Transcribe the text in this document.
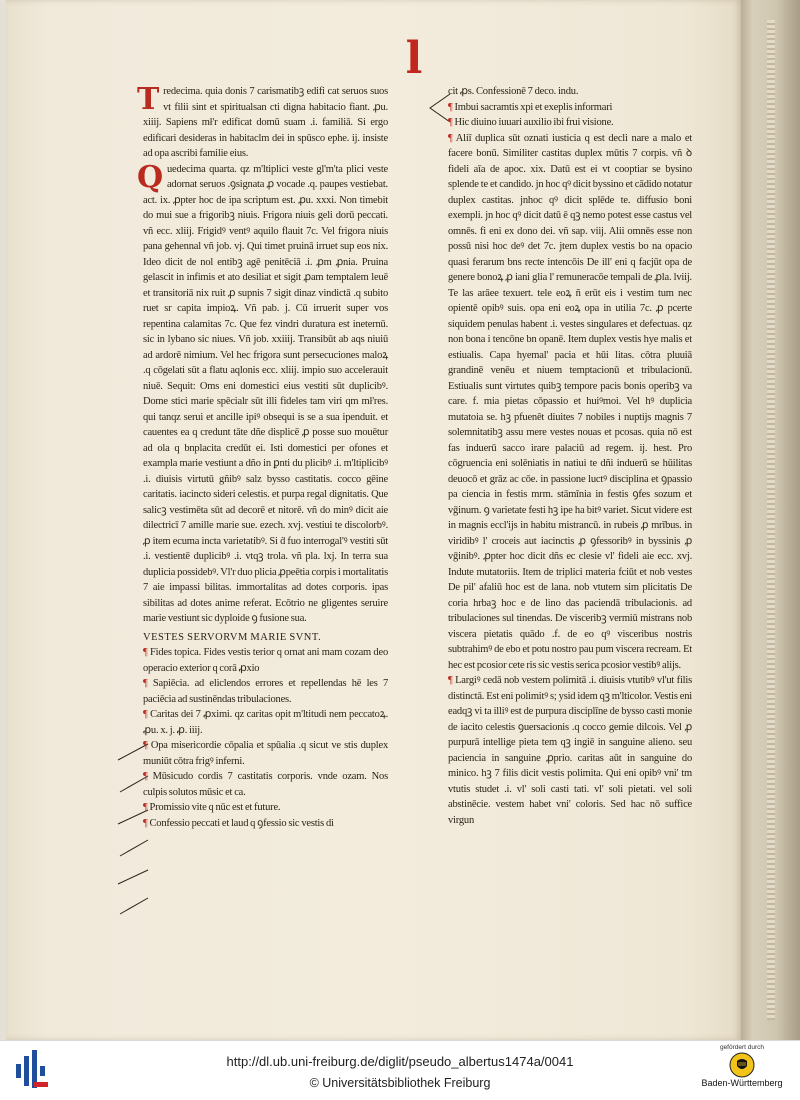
l

Tredecima. quia donis 7 carismatibꝫ edifi cat seruos suos vt filii sint et spiritualsan cti digna habitacio fiant. ꝓu. xiiij. Sapiens mł'r edificat domū suam .i. familiā. Si ergo edificari desideras in habitaclm dei in spūsco ephe. ij. insiste ad opa ascribi familie eius.

Quedecima quarta. qz m'ltiplici veste gl'm'ta plici veste adornat seruos .ꝯsignata ꝓ vocade .q. paupes vestiebat. act. ix. ꝓpter hoc de ipa scriptum est. ꝓu. xxxi. Non timebit do mui sue a frigoribꝫ niuis. Frigora niuis geli dorū peccati. vñ ecc. xliij. Frigidꝰ ventꝰ aquilo flauit 7c. Vel frigora niuis pana gehennal vñ job. vj. Qui timet pruinā irruet sup eos nix. Ideo dicit de nol entibꝫ agē penitēciā .i. ꝓm ꝓnia. Pruina gelascit in infimis et ato desiliat et sigit ꝓam temptalem leuē et transitoriā nix ruit ꝓ supnis 7 sigit dinaz vindictā .q subito ruet sr capita impioꝝ. Vñ pab. j. Cū irruerit super vos repentina calamitas 7c. Que fez vindri duratura est ineternū. sic in lybano sic niues. Vñ job. xxiiij. Transibūt ab aqs niuiū ad ardorē nimium. Vel hec frigora sunt persecuciones maloꝝ .q cōgelati sūt a flatu aqlonis ecc. xliij. impio suo accelerauit niuē. Sequit: Oms eni domestici eius vestiti sūt duplicibꝰ. Dome stici marie spēcialr sūt illi fideles tam viri qm mł'res. qui tanqz serui et ancille ipiꝰ obsequi is se a sua ipenduit. et cauentes ea q credunt tāte dñe displicē ꝓ posse suo mouētur ad ola q bnplacita credūt ei. Isti domestici per ofones et exampla marie vestiunt a dño in ꝑnti du plicibꝰ .i. m'ltiplicibꝰ .i. diuisis virtutū gñibꝰ salz bysso castitatis. cocco gēine caritatis. iacincto sideri celestis. et purpa regal dignitatis. Que salicꝫ vestimēta sūt ad decorē et nitorē. vñ do minꝰ dicit aie dilectricī 7 amille marie sue. ezech. xvj. vestiui te discolorbꝰ. ꝓ item ecuma incta varietatibꝰ. Si ḋ fuo interrogal'ꝰ vestiti sūt .i. vestientē duplicibꝰ .i. vtqꝫ trola. vñ pla. lxj. In terra sua duplicia possidebꝰ. Vl'r duo plicia ꝓpeētia corpis i mortalitatis 7 aie impassi bilitas. immortalitas ad dotes corporis. ipas sibilitas ad dotes anime referat. Ecōtrio ne gligentes seruire marie vestiunt sic dyploide ꝯ fusione sua.

VESTES SERVORVM MARIE SVNT.

¶ Fides topica. Fides vestis terior q ornat ani mam cozam deo operacio exterior q corā ꝓxio

¶ Sapiēcia. ad eliclendos errores et repellendas hē les 7 paciēcia ad sustinēndas tribulaciones.

¶ Caritas dei 7 ꝓximi. qz caritas opit m'ltitudi nem peccatoꝝ. ꝓu. x. j. ꝓ. iiij.

¶ Opa misericordie cōpalia et spūalia .q sicut ve stis duplex muniūt cōtra frigꝰ inferni.

¶ Mūsicudo cordis 7 castitatis corporis. vnde ozam. Nos culpis solutos mūsic et ca.

¶ Promissio vite q nūc est et future.

¶ Confessio peccati et laud q ꝯfessio sic vestis di

cit ꝓs. Confessionē 7 deco. indu.

¶ Imbui sacramtis xpi et exeplis informari

¶ Hic diuino iuuari auxilio ibi frui visione.

¶ Aliī duplica sūt oznati iusticia q est decli nare a malo et facere bonū. Similiter castitas duplex mūtis 7 corpis. vñ ꝺ fideli aīa de apoc. xix. Datū est ei vt cooptiar se bysino splende te et candido. jn hoc qꝰ dicit byssino et cādido notatur duplex castitas. jnhoc qꝰ dicit splēde te. diffusio boni exempli. jn hoc qꝰ dicit datū ē qꝫ nemo potest esse castus vel omnēs. fi eni ex dono dei. vñ sap. viij. Alii omnēs esse non possū nisi hoc deꝰ det 7c. jtem duplex vestis bo na opacio quasi ferarum bns recte intencōis De ill' eni q facjūt opa de genere bonoꝝ ꝓ iani glia l' remuneracōe tempali de ꝓla. lviij. Te las arāee texuert. tele eoꝝ ñ erūt eis i vestim tum nec opientē opibꝰ suis. opa eni eoꝝ opa in utilia 7c. ꝓ pcerte siquidem penulas habent .i. vestes singulares et defectuas. qz non bona i tencōne bn opanē. Item duplex vestis hye malis et estiualis. Capa hyemal' pacia et hūi litas. cōtra pluuiā grandinē venēu et niuem temptacionū et tribulacionū. Estiualis sunt virtutes quibꝫ tempore pacis bonis operibꝫ va care. f. mia pietas cōpassio et huiꝰmoi. Vel hꝰ duplicia mutatoia se. hꝫ pfuenēt diuites 7 nobiles i nuptijs magnis 7 solemnitatibꝫ assu mere vestes nouas et pcosas. quia nō est fas induerū sacco irare palaciū ad regem. ij. hest. Pro cōgruencia eni solēniatis in natiui te dñi induerū se hūilitas deuocō et grāz ac cōe. in passione luctꝰ disciplina et ꝯpassio pa ciencia in festis mrm. stāmīnia in festis ꝯfes sozum et vḡinum. ꝯ varietate festi hꝫ ipe ha bitꝰ variet. Sicut videre est in magnis eccl'ijs in habitu mistrancū. in rubeis ꝓ mrībus. in viridibꝰ l' croceis aut iacinctis ꝓ ꝯfessoribꝰ in byssinis ꝓ vḡinibꝰ. ꝓpter hoc dicit dñs ec clesie vl' fideli aie ecc. xvj. Indute mutatoriis. Item de triplici materia fciūt et nob vestes De pil' afaliū hoc est de lana. nob vtutem sim plicitatis De coria hrbaꝫ hoc e de lino das paciendā tribulacionis. ad tribulaciones sul tinendas. De visceribꝫ vermiū mistrans nob viscera pietatis quādo .f. de eo qꝰ visceribus nostris subtrahimꝰ de ebo et potu nostro pau pum viscera recream. Et hec est pcosior cete ris sic vestis serica pcosior vestibꝰ alijs.

¶ Largiꝰ cedā nob vestem polimitā .i. diuisis vtutibꝰ vl'ut filis distinctā. Est eni polimitꝰ s; ysid idem qꝫ m'lticolor. Vestis eni eadqꝫ vi ta illiꝰ est de purpura disciplīne de bysso casti monie de iacito celestis ꝯuersacionis .q cocco gemie dilcois. Vel ꝓ purpurā intellige pieta tem qꝫ ingiē in sanguine alieno. seu paciencia in sanguine ꝓprio. caritas aūt in sanguine do minico. hꝫ 7 filis dicit vestis polimita. Qui eni opibꝰ vni' tm vtutis studet .i. vl' soli casti tati. vl' soli pietati. vel soli abstinēcie. vestem habet vni' coloris. Sed hac nō suffice virgun

http://dl.ub.uni-freiburg.de/diglit/pseudo_albertus1474a/0041
© Universitätsbibliothek Freiburg
gefördert durch
Baden-Württemberg
